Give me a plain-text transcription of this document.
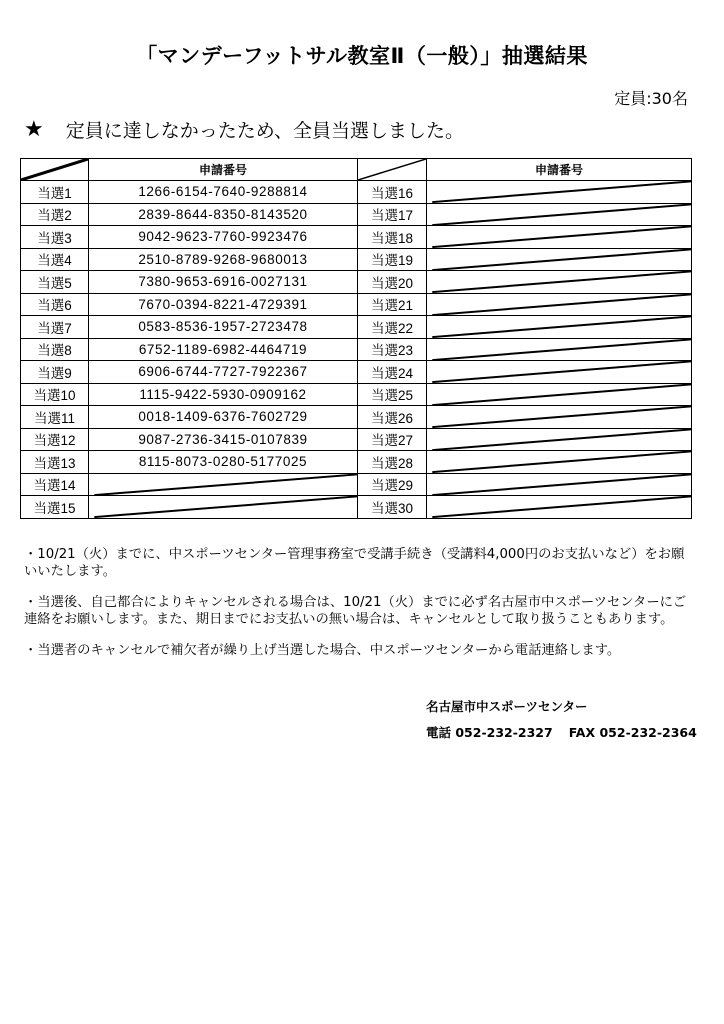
「マンデーフットサル教室Ⅱ（一般）」抽選結果
定員:30名
★ 定員に達しなかったため、全員当選しました。
	申請番号		申請番号
当選1	1266-6154-7640-9288814	当選16	

当選2	2839-8644-8350-8143520	当選17	

当選3	9042-9623-7760-9923476	当選18	

当選4	2510-8789-9268-9680013	当選19	

当選5	7380-9653-6916-0027131	当選20	

当選6	7670-0394-8221-4729391	当選21	

当選7	0583-8536-1957-2723478	当選22	

当選8	6752-1189-6982-4464719	当選23	

当選9	6906-6744-7727-7922367	当選24	

当選10	1115-9422-5930-0909162	当選25	

当選11	0018-1409-6376-7602729	当選26	

当選12	9087-2736-3415-0107839	当選27	

当選13	8115-8073-0280-5177025	当選28	

当選14		当選29	

当選15		当選30	

・10/21（火）までに、中スポーツセンター管理事務室で受講手続き（受講料4,000円のお支払いなど）をお願いいたします。

・当選後、自己都合によりキャンセルされる場合は、10/21（火）までに必ず名古屋市中スポーツセンターにご連絡をお願いします。また、期日までにお支払いの無い場合は、キャンセルとして取り扱うこともあります。

・当選者のキャンセルで補欠者が繰り上げ当選した場合、中スポーツセンターから電話連絡します。

名古屋市中スポーツセンター
電話 052-232-2327 FAX 052-232-2364
